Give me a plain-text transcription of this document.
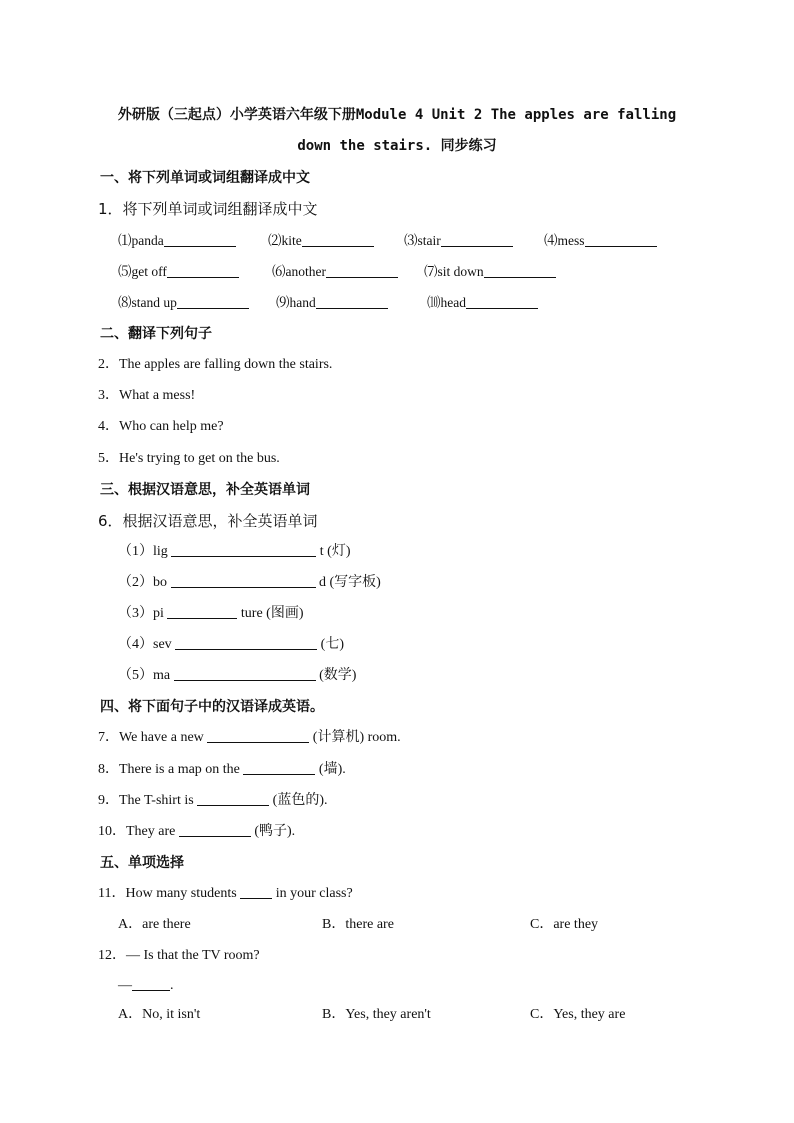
外研版（三起点）小学英语六年级下册Module 4 Unit 2 The apples are falling
down the stairs. 同步练习
一、将下列单词或词组翻译成中文
1．将下列单词或词组翻译成中文
⑴panda	⑵kite	⑶stair	⑷mess
⑸get off	⑹another	⑺sit down
⑻stand up	⑼hand	⑽head
二、翻译下列句子
2．The apples are falling down the stairs.
3．What a mess!
4．Who can help me?
5．He's trying to get on the bus.
三、根据汉语意思，补全英语单词
6．根据汉语意思，补全英语单词
（1）lig	t (灯)
（2）bo	d (写字板)
（3）pi	ture (图画)
（4）sev	(七)
（5）ma	(数学)
四、将下面句子中的汉语译成英语。
7．We have a new	(计算机) room.
8．There is a map on the	(墙).
9．The T-shirt is	(蓝色的).
10．They are	(鸭子).
五、单项选择
11．How many students	in your class?
A．are there	B．there are	C．are they
12．— Is that the TV room?
—	.
A．No, it isn't	B．Yes, they aren't	C．Yes, they are
